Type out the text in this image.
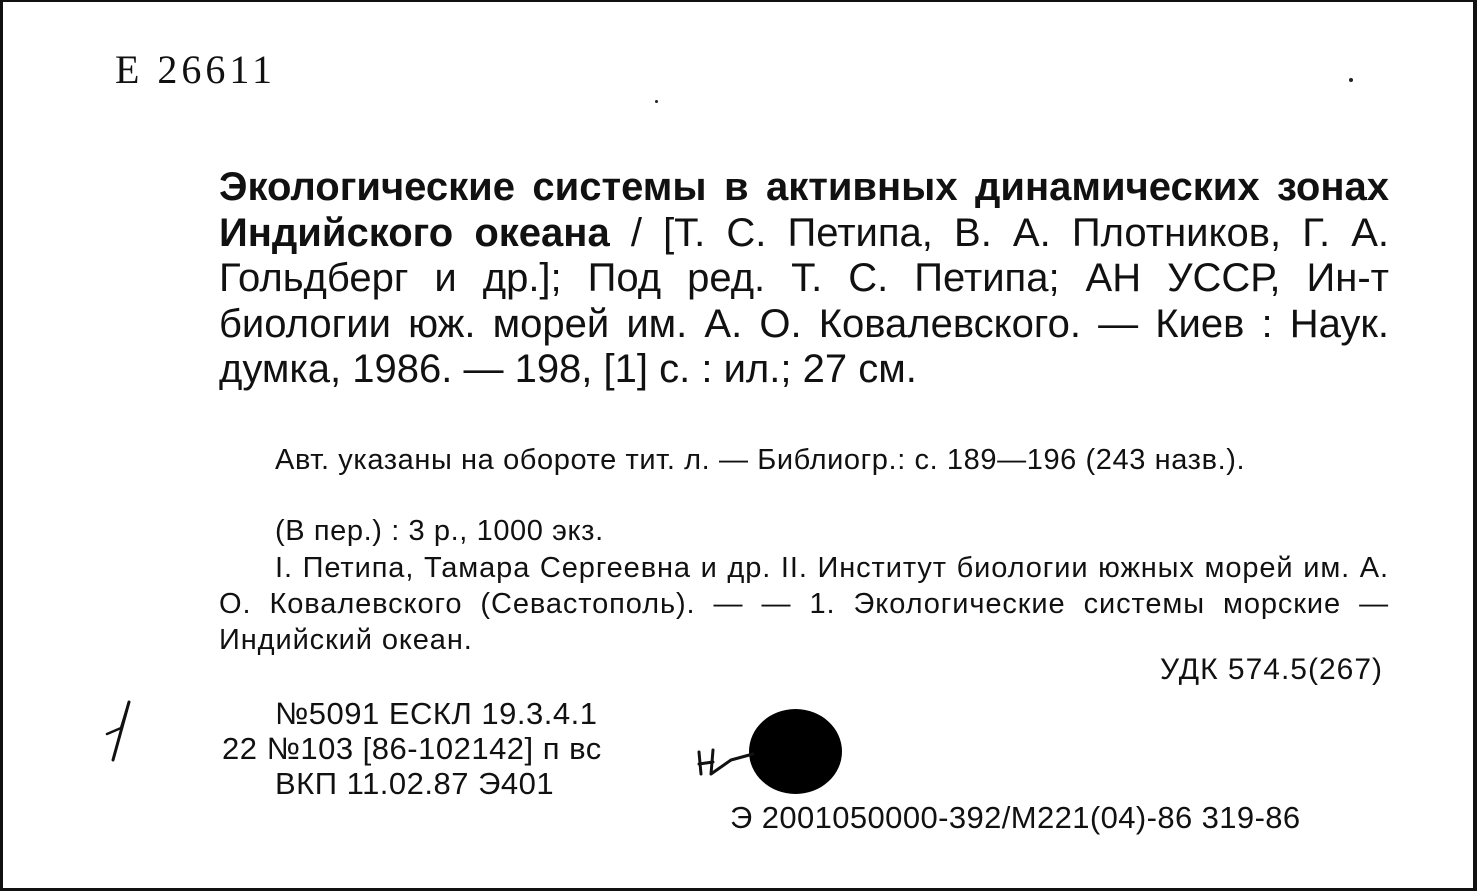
Е 26611

Экологические системы в активных динамических зонах Индийского океана / [Т. С. Петипа, В. А. Плотников, Г. А. Гольдберг и др.]; Под ред. Т. С. Петипа; АН УССР, Ин-т биологии юж. морей им. А. О. Ковалевского. — Киев : Наук. думка, 1986. — 198, [1] с. : ил.; 27 см.

Авт. указаны на обороте тит. л. — Библиогр.: с. 189—196 (243 назв.).

(В пер.) : 3 р., 1000 экз.

I. Петипа, Тамара Сергеевна и др. II. Институт биологии южных морей им. А. О. Ковалевского (Севастополь). — — 1. Экологические системы морские — Индийский океан.

УДК 574.5(267)
№5091 ЕСКЛ 19.3.4.1
22 №103 [86-102142] п вс
ВКП 11.02.87 Э401
Э 2001050000-392/М221(04)-86 319-86
